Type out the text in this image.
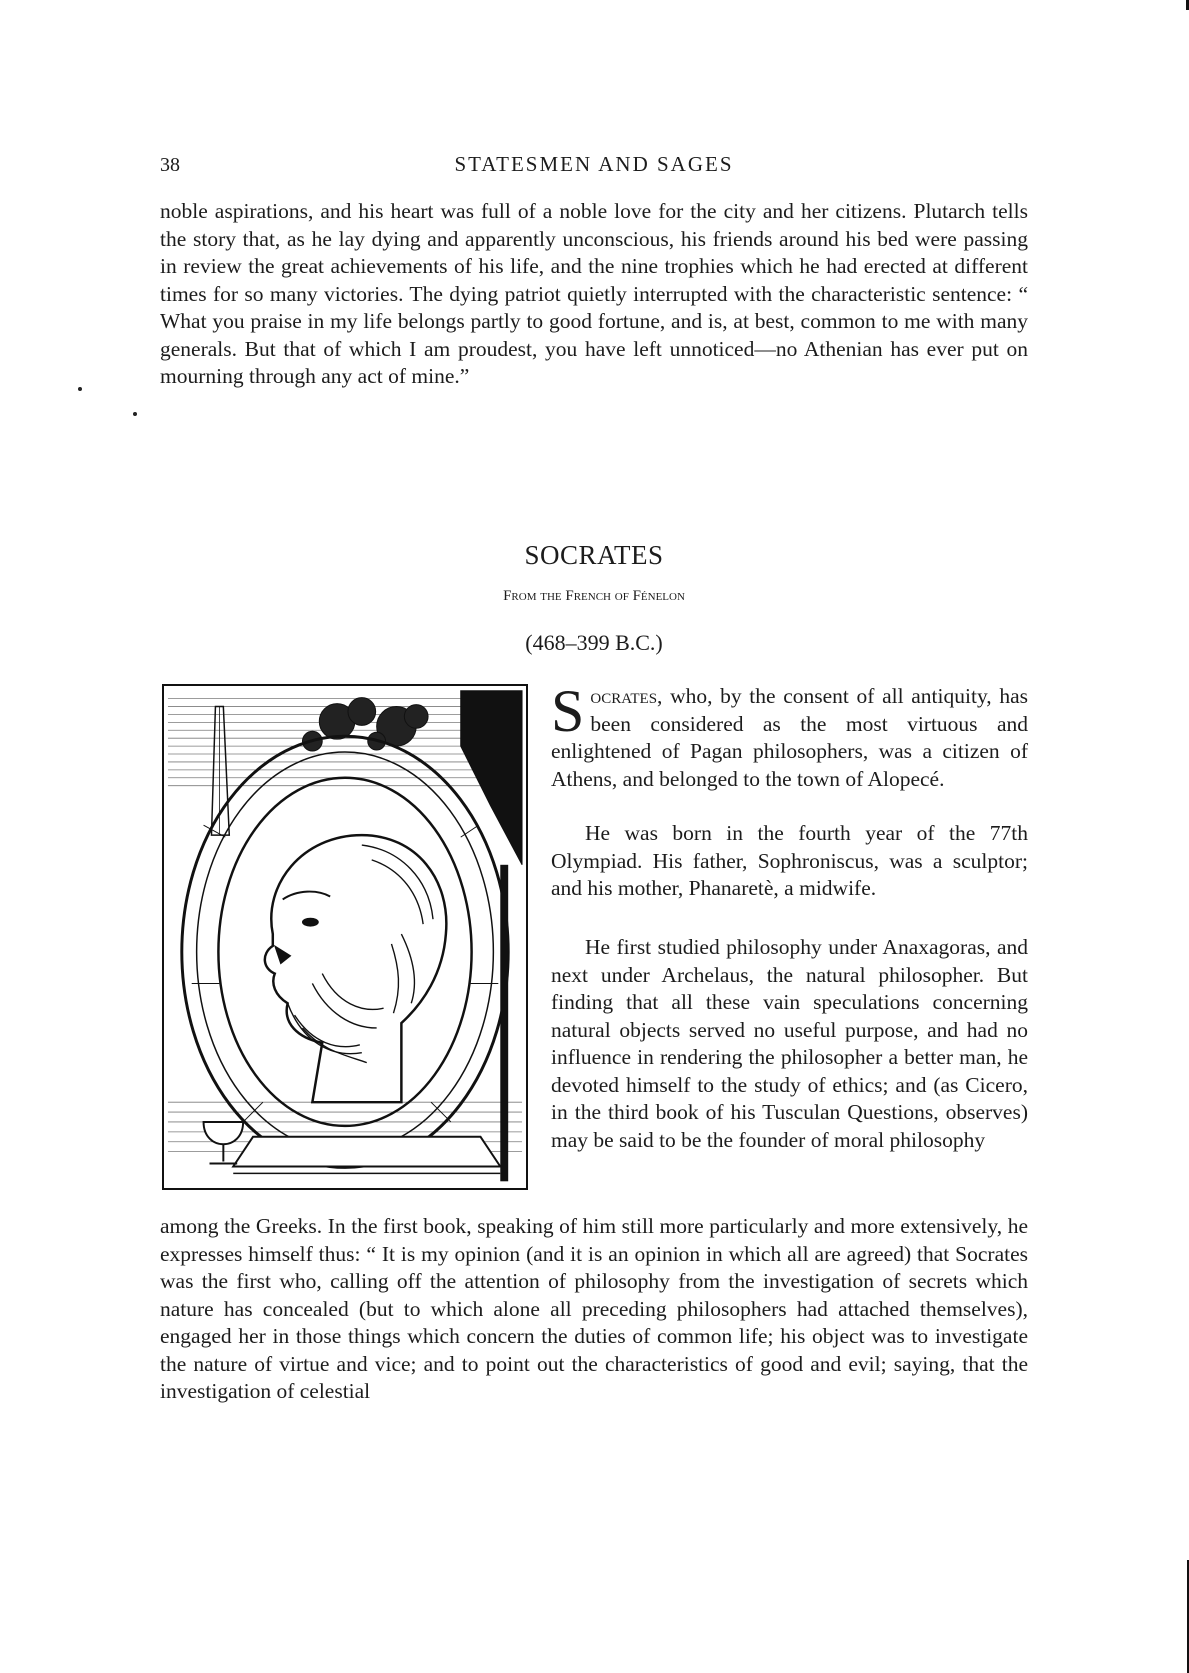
38	STATESMEN AND SAGES

noble aspirations, and his heart was full of a noble love for the city and her citizens. Plutarch tells the story that, as he lay dying and apparently unconscious, his friends around his bed were passing in review the great achievements of his life, and the nine trophies which he had erected at different times for so many victories. The dying patriot quietly interrupted with the characteristic sentence: “ What you praise in my life belongs partly to good fortune, and is, at best, common to me with many generals. But that of which I am proudest, you have left unnoticed—no Athenian has ever put on mourning through any act of mine.”

SOCRATES
From the French of Fénelon
(468–399 B.C.)

Socrates, who, by the consent of all antiquity, has been considered as the most virtuous and enlightened of Pagan philosophers, was a citizen of Athens, and belonged to the town of Alopecé.

He was born in the fourth year of the 77th Olympiad. His father, Sophroniscus, was a sculptor; and his mother, Phanaretè, a midwife.

He first studied philosophy under Anaxagoras, and next under Archelaus, the natural philosopher. But finding that all these vain speculations concerning natural objects served no useful purpose, and had no influence in rendering the philosopher a better man, he devoted himself to the study of ethics; and (as Cicero, in the third book of his Tusculan Questions, observes) may be said to be the founder of moral philosophy

among the Greeks. In the first book, speaking of him still more particularly and more extensively, he expresses himself thus: “ It is my opinion (and it is an opinion in which all are agreed) that Socrates was the first who, calling off the attention of philosophy from the investigation of secrets which nature has concealed (but to which alone all preceding philosophers had attached themselves), engaged her in those things which concern the duties of common life; his object was to investigate the nature of virtue and vice; and to point out the characteristics of good and evil; saying, that the investigation of celestial
